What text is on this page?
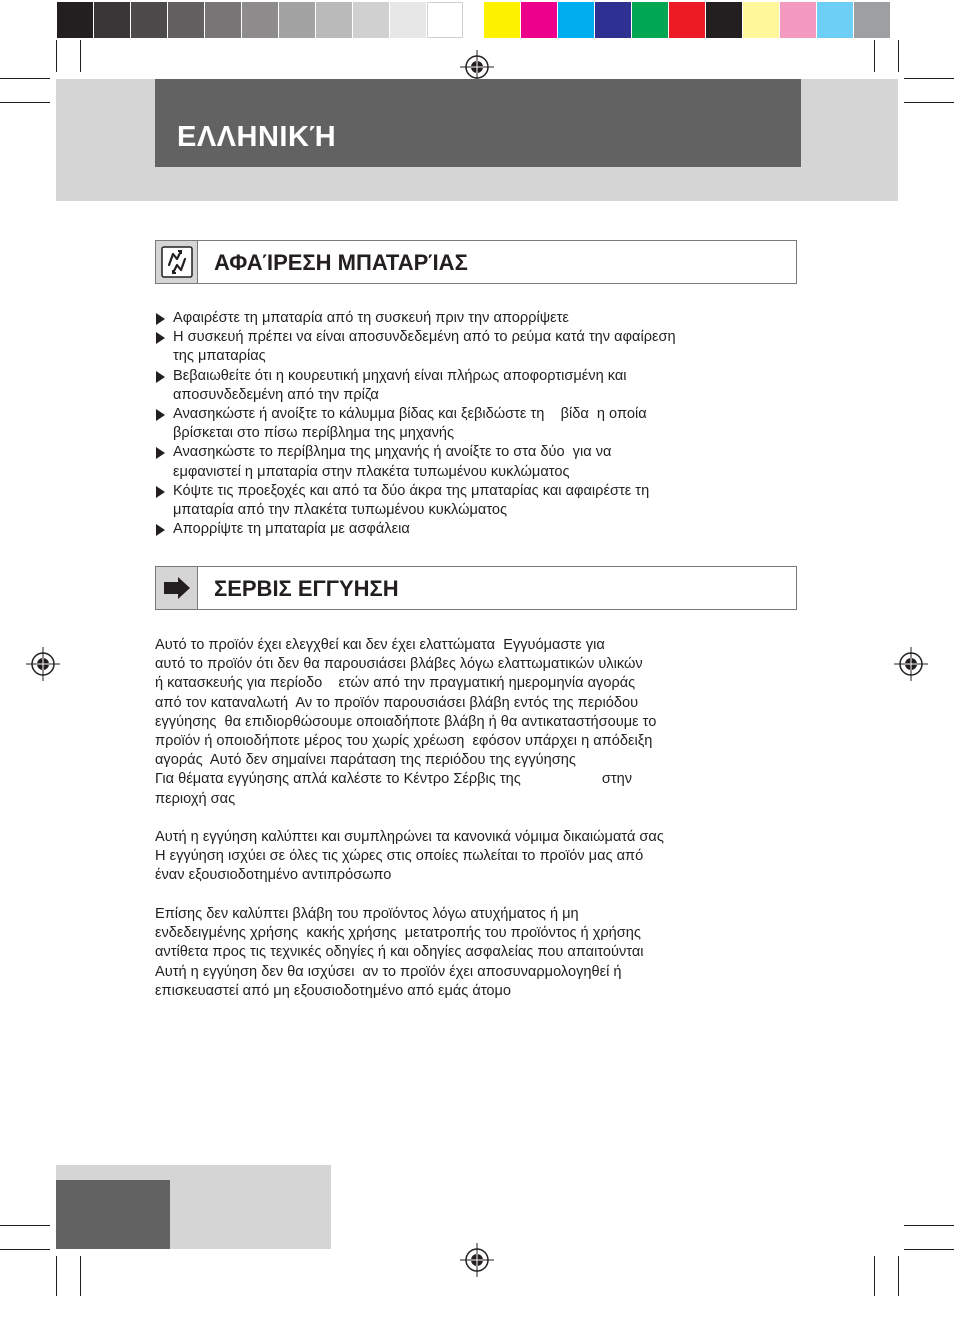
ΕΛΛΗΝΙΚΉ
ΑΦΑΊΡΕΣΗ ΜΠΑΤΑΡΊΑΣ
Αφαιρέστε τη μπαταρία από τη συσκευή πριν την απορρίψετε
Η συσκευή πρέπει να είναι αποσυνδεδεμένη από το ρεύμα κατά την αφαίρεση
της μπαταρίας
Βεβαιωθείτε ότι η κουρευτική μηχανή είναι πλήρως αποφορτισμένη και
αποσυνδεδεμένη από την πρίζα
Ανασηκώστε ή ανοίξτε το κάλυμμα βίδας και ξεβιδώστε τη    βίδα  η οποία
βρίσκεται στο πίσω περίβλημα της μηχανής
Ανασηκώστε το περίβλημα της μηχανής ή ανοίξτε το στα δύο  για να
εμφανιστεί η μπαταρία στην πλακέτα τυπωμένου κυκλώματος
Κόψτε τις προεξοχές και από τα δύο άκρα της μπαταρίας και αφαιρέστε τη
μπαταρία από την πλακέτα τυπωμένου κυκλώματος
Απορρίψτε τη μπαταρία με ασφάλεια
ΣΕΡΒΙΣ ΕΓΓΥΗΣΗ
Αυτό το προϊόν έχει ελεγχθεί και δεν έχει ελαττώματα  Εγγυόμαστε για
αυτό το προϊόν ότι δεν θα παρουσιάσει βλάβες λόγω ελαττωματικών υλικών
ή κατασκευής για περίοδο    ετών από την πραγματική ημερομηνία αγοράς
από τον καταναλωτή  Αν το προϊόν παρουσιάσει βλάβη εντός της περιόδου
εγγύησης  θα επιδιορθώσουμε οποιαδήποτε βλάβη ή θα αντικαταστήσουμε το
προϊόν ή οποιοδήποτε μέρος του χωρίς χρέωση  εφόσον υπάρχει η απόδειξη
αγοράς  Αυτό δεν σημαίνει παράταση της περιόδου της εγγύησης
Για θέματα εγγύησης απλά καλέστε το Κέντρο Σέρβις της                    στην
περιοχή σας
Αυτή η εγγύηση καλύπτει και συμπληρώνει τα κανονικά νόμιμα δικαιώματά σας
Η εγγύηση ισχύει σε όλες τις χώρες στις οποίες πωλείται το προϊόν μας από
έναν εξουσιοδοτημένο αντιπρόσωπο
Επίσης δεν καλύπτει βλάβη του προϊόντος λόγω ατυχήματος ή μη
ενδεδειγμένης χρήσης  κακής χρήσης  μετατροπής του προϊόντος ή χρήσης
αντίθετα προς τις τεχνικές οδηγίες ή και οδηγίες ασφαλείας που απαιτούνται
Αυτή η εγγύηση δεν θα ισχύσει  αν το προϊόν έχει αποσυναρμολογηθεί ή
επισκευαστεί από μη εξουσιοδοτημένο από εμάς άτομο
